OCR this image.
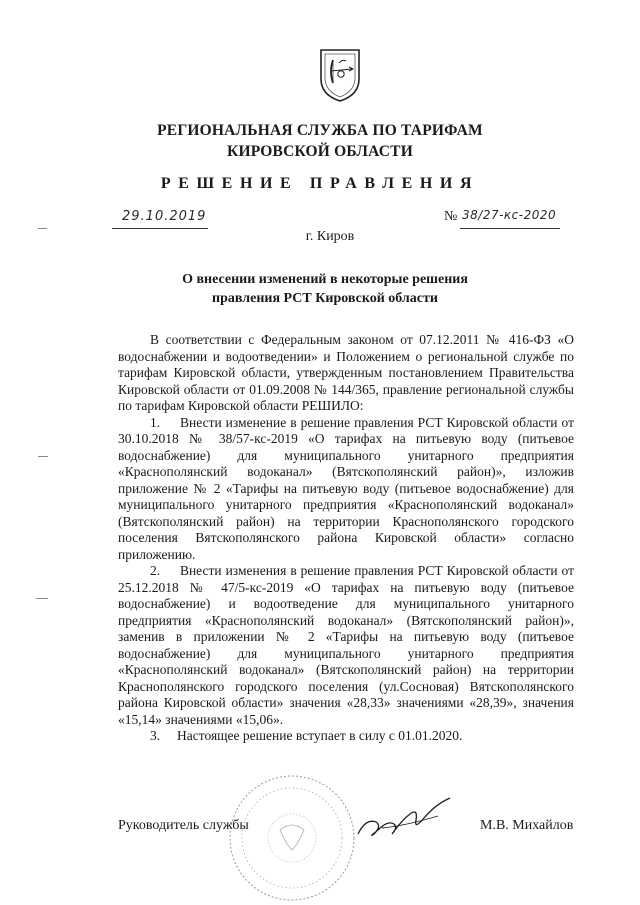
РЕГИОНАЛЬНАЯ СЛУЖБА ПО ТАРИФАМ
КИРОВСКОЙ ОБЛАСТИ
РЕШЕНИЕ ПРАВЛЕНИЯ
29.10.2019	№ 38/27-кс-2020
г. Киров
О внесении изменений в некоторые решения
правления РСТ Кировской области

В соответствии с Федеральным законом от 07.12.2011 № 416-ФЗ «О водоснабжении и водоотведении» и Положением о региональной службе по тарифам Кировской области, утвержденным постановлением Правительства Кировской области от 01.09.2008 № 144/365, правление региональной службы по тарифам Кировской области РЕШИЛО:

1.     Внести изменение в решение правления РСТ Кировской области от 30.10.2018 № 38/57-кс-2019 «О тарифах на питьевую воду (питьевое водоснабжение) для муниципального унитарного предприятия «Краснополянский водоканал» (Вятскополянский район)», изложив приложение № 2 «Тарифы на питьевую воду (питьевое водоснабжение) для муниципального унитарного предприятия «Краснополянский водоканал» (Вятскополянский район) на территории Краснополянского городского поселения Вятскополянского района Кировской области» согласно приложению.

2.     Внести изменения в решение правления РСТ Кировской области от 25.12.2018 № 47/5-кс-2019 «О тарифах на питьевую воду (питьевое водоснабжение) и водоотведение для муниципального унитарного предприятия «Краснополянский водоканал» (Вятскополянский район)», заменив в приложении № 2 «Тарифы на питьевую воду (питьевое водоснабжение) для муниципального унитарного предприятия «Краснополянский водоканал» (Вятскополянский район) на территории Краснополянского городского поселения (ул.Сосновая) Вятскополянского района Кировской области» значения «28,33» значениями «28,39», значения «15,14» значениями «15,06».

3.     Настоящее решение вступает в силу с 01.01.2020.

Руководитель службы	М.В. Михайлов
